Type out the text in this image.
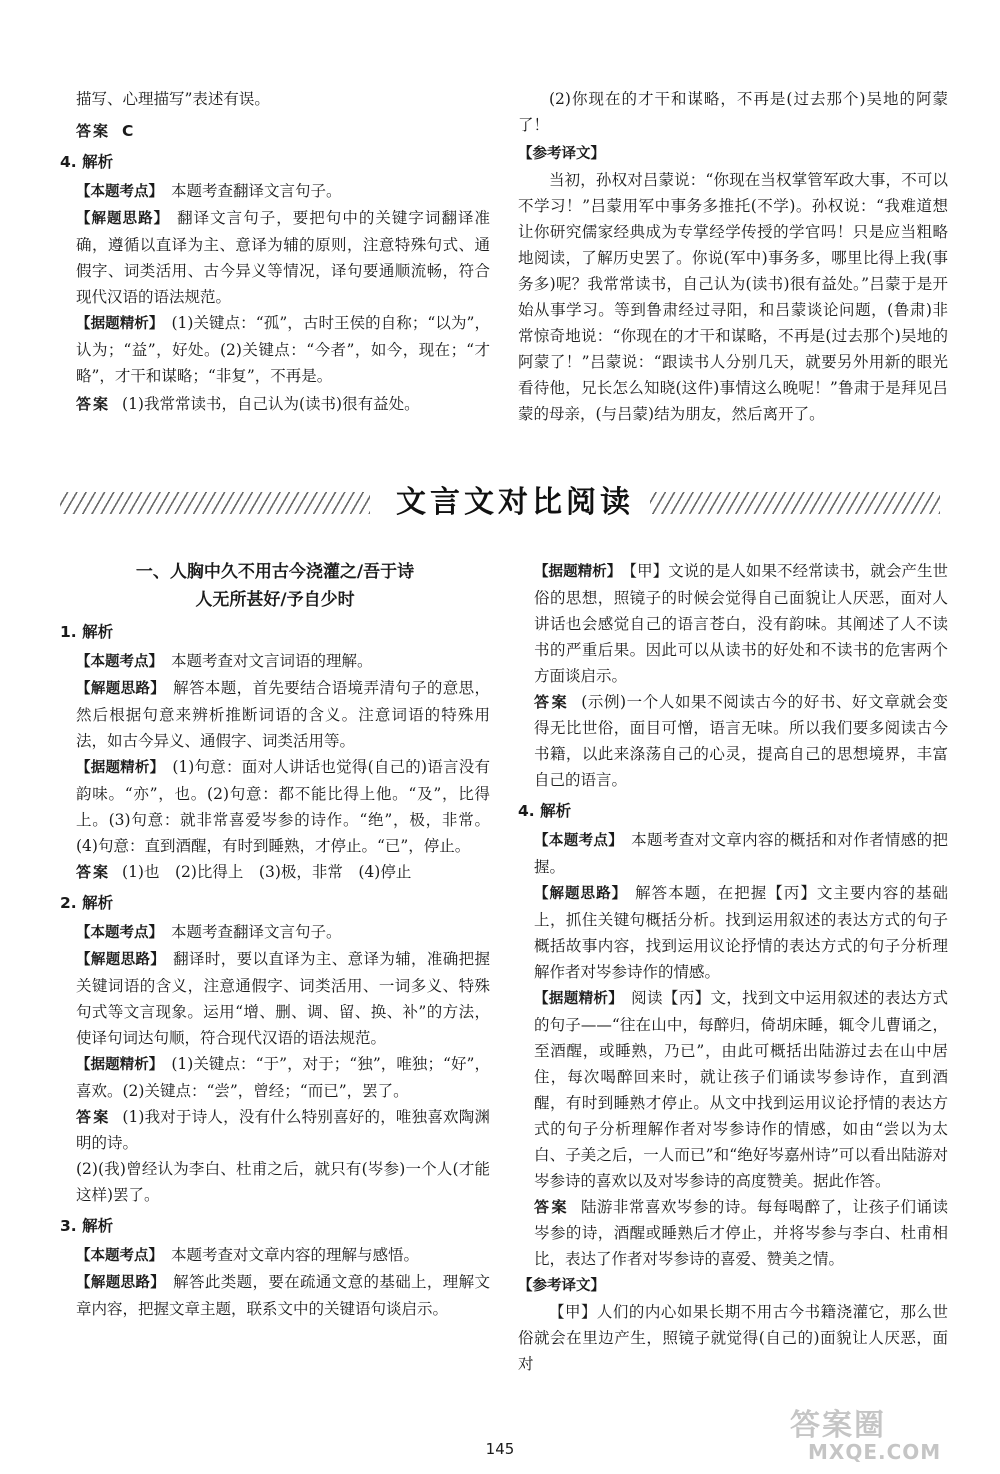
描写、心理描写”表述有误。

答案 C

4. 解析

【本题考点】 本题考查翻译文言句子。

【解题思路】 翻译文言句子，要把句中的关键字词翻译准确，遵循以直译为主、意译为辅的原则，注意特殊句式、通假字、词类活用、古今异义等情况，译句要通顺流畅，符合现代汉语的语法规范。

【据题精析】 (1)关键点：“孤”，古时王侯的自称；“以为”，认为；“益”，好处。(2)关键点：“今者”，如今，现在；“才略”，才干和谋略；“非复”，不再是。

答案 (1)我常常读书，自己认为(读书)很有益处。

(2)你现在的才干和谋略，不再是(过去那个)吴地的阿蒙了！

【参考译文】

当初，孙权对吕蒙说：“你现在当权掌管军政大事，不可以不学习！”吕蒙用军中事务多推托(不学)。孙权说：“我难道想让你研究儒家经典成为专掌经学传授的学官吗！只是应当粗略地阅读，了解历史罢了。你说(军中)事务多，哪里比得上我(事务多)呢？我常常读书，自己认为(读书)很有益处。”吕蒙于是开始从事学习。等到鲁肃经过寻阳，和吕蒙谈论问题，(鲁肃)非常惊奇地说：“你现在的才干和谋略，不再是(过去那个)吴地的阿蒙了！”吕蒙说：“跟读书人分别几天，就要另外用新的眼光看待他，兄长怎么知晓(这件)事情这么晚呢！”鲁肃于是拜见吕蒙的母亲，(与吕蒙)结为朋友，然后离开了。

文言文对比阅读
一、人胸中久不用古今浇灌之/吾于诗
人无所甚好/予自少时
1. 解析

【本题考点】 本题考查对文言词语的理解。

【解题思路】 解答本题，首先要结合语境弄清句子的意思，然后根据句意来辨析推断词语的含义。注意词语的特殊用法，如古今异义、通假字、词类活用等。

【据题精析】 (1)句意：面对人讲话也觉得(自己的)语言没有韵味。“亦”，也。(2)句意：都不能比得上他。“及”，比得上。(3)句意：就非常喜爱岑参的诗作。“绝”，极，非常。(4)句意：直到酒醒，有时到睡熟，才停止。“已”，停止。

答案 (1)也　(2)比得上　(3)极，非常　(4)停止

2. 解析

【本题考点】 本题考查翻译文言句子。

【解题思路】 翻译时，要以直译为主、意译为辅，准确把握关键词语的含义，注意通假字、词类活用、一词多义、特殊句式等文言现象。运用“增、删、调、留、换、补”的方法，使译句词达句顺，符合现代汉语的语法规范。

【据题精析】 (1)关键点：“于”，对于；“独”，唯独；“好”，喜欢。(2)关键点：“尝”，曾经；“而已”，罢了。

答案 (1)我对于诗人，没有什么特别喜好的，唯独喜欢陶渊明的诗。

(2)(我)曾经认为李白、杜甫之后，就只有(岑参)一个人(才能这样)罢了。

3. 解析

【本题考点】 本题考查对文章内容的理解与感悟。

【解题思路】 解答此类题，要在疏通文意的基础上，理解文章内容，把握文章主题，联系文中的关键语句谈启示。

【据题精析】 【甲】文说的是人如果不经常读书，就会产生世俗的思想，照镜子的时候会觉得自己面貌让人厌恶，面对人讲话也会感觉自己的语言苍白，没有韵味。其阐述了人不读书的严重后果。因此可以从读书的好处和不读书的危害两个方面谈启示。

答案 (示例)一个人如果不阅读古今的好书、好文章就会变得无比世俗，面目可憎，语言无味。所以我们要多阅读古今书籍，以此来涤荡自己的心灵，提高自己的思想境界，丰富自己的语言。

4. 解析

【本题考点】 本题考查对文章内容的概括和对作者情感的把握。

【解题思路】 解答本题，在把握【丙】文主要内容的基础上，抓住关键句概括分析。找到运用叙述的表达方式的句子概括故事内容，找到运用议论抒情的表达方式的句子分析理解作者对岑参诗作的情感。

【据题精析】 阅读【丙】文，找到文中运用叙述的表达方式的句子——“往在山中，每醉归，倚胡床睡，辄令儿曹诵之，至酒醒，或睡熟，乃已”，由此可概括出陆游过去在山中居住，每次喝醉回来时，就让孩子们诵读岑参诗作，直到酒醒，有时到睡熟才停止。从文中找到运用议论抒情的表达方式的句子分析理解作者对岑参诗作的情感，如由“尝以为太白、子美之后，一人而已”和“绝好岑嘉州诗”可以看出陆游对岑参诗的喜欢以及对岑参诗的高度赞美。据此作答。

答案 陆游非常喜欢岑参的诗。每每喝醉了，让孩子们诵读岑参的诗，酒醒或睡熟后才停止，并将岑参与李白、杜甫相比，表达了作者对岑参诗的喜爱、赞美之情。

【参考译文】

【甲】人们的内心如果长期不用古今书籍浇灌它，那么世俗就会在里边产生，照镜子就觉得(自己的)面貌让人厌恶，面对

145
答案圈
MXQE.COM
